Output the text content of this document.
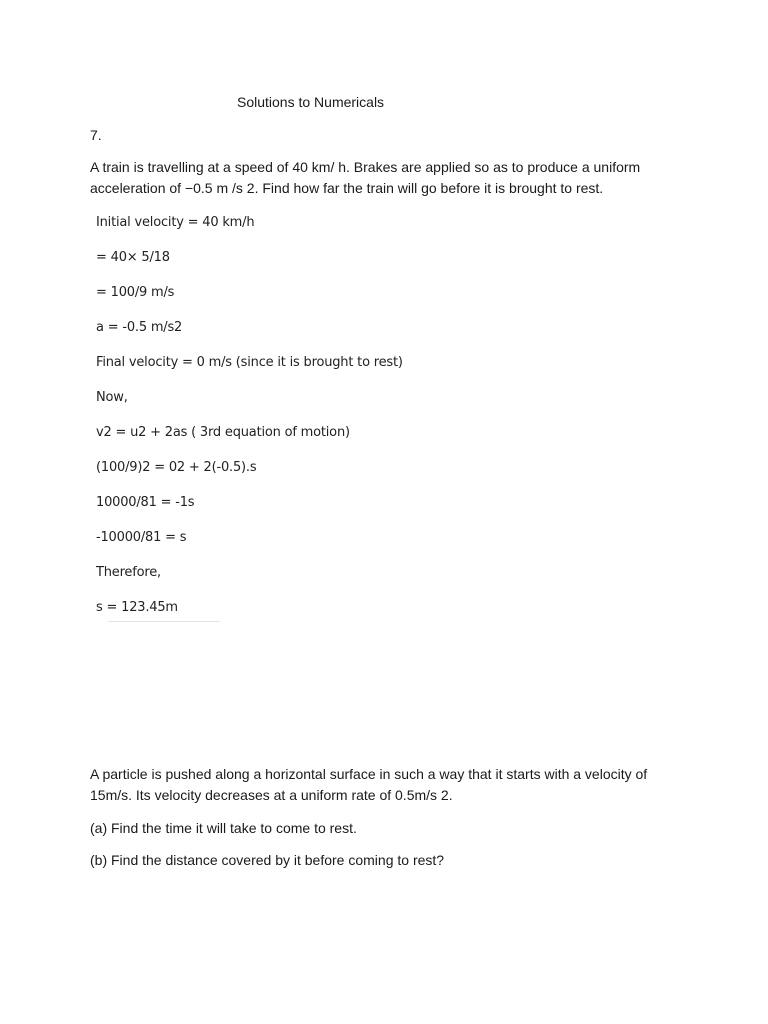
Solutions to Numericals
7.
A train is travelling at a speed of 40 km/ h. Brakes are applied so as to produce a uniform acceleration of −0.5 m /s 2. Find how far the train will go before it is brought to rest.
Initial velocity = 40 km/h
= 40× 5/18
= 100/9 m/s
a = -0.5 m/s2
Final velocity = 0 m/s (since it is brought to rest)
Now,
v2 = u2 + 2as ( 3rd equation of motion)
(100/9)2 = 02 + 2(-0.5).s
10000/81 = -1s
-10000/81 = s
Therefore,
s = 123.45m
A particle is pushed along a horizontal surface in such a way that it starts with a velocity of 15m/s. Its velocity decreases at a uniform rate of 0.5m/s 2.
(a) Find the time it will take to come to rest.
(b) Find the distance covered by it before coming to rest?
